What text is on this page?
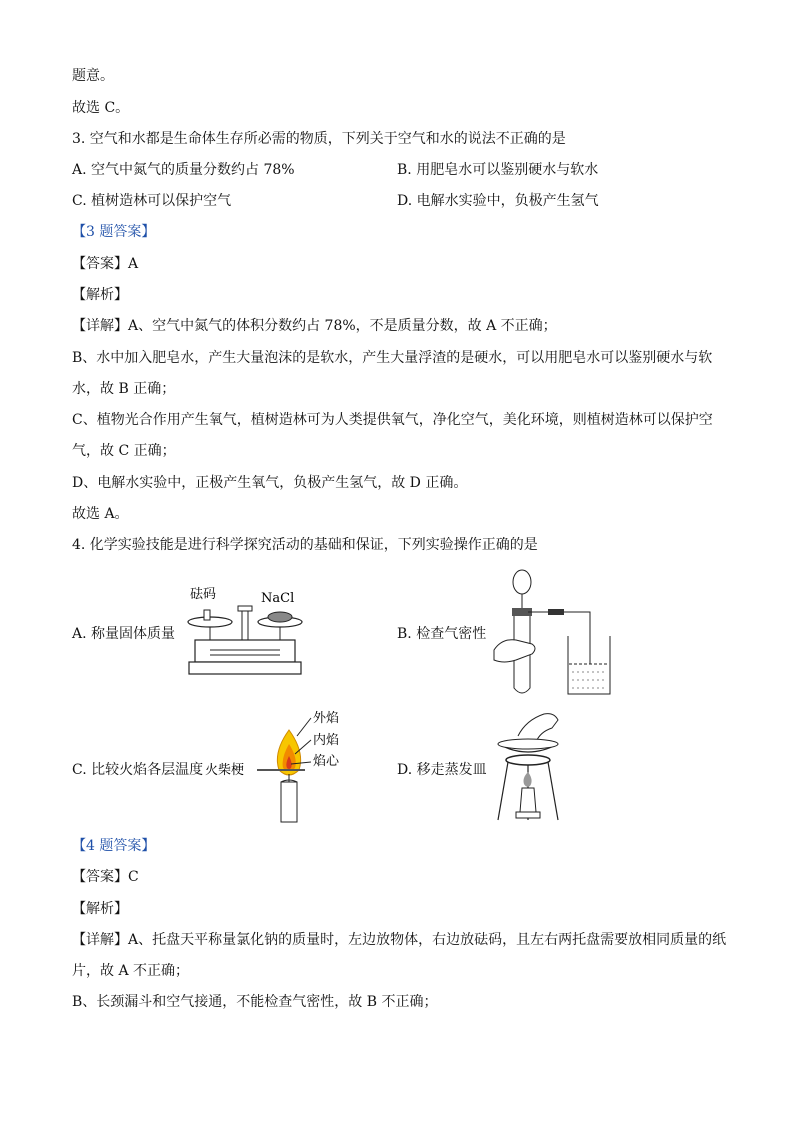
题意。
故选 C。
3. 空气和水都是生命体生存所必需的物质，下列关于空气和水的说法不正确的是
A. 空气中氮气的质量分数约占 78%	B. 用肥皂水可以鉴别硬水与软水
C. 植树造林可以保护空气	D. 电解水实验中，负极产生氢气
【3 题答案】
【答案】A
【解析】
【详解】A、空气中氮气的体积分数约占 78%，不是质量分数，故 A 不正确；
B、水中加入肥皂水，产生大量泡沫的是软水，产生大量浮渣的是硬水，可以用肥皂水可以鉴别硬水与软
水，故 B 正确；
C、植物光合作用产生氧气，植树造林可为人类提供氧气，净化空气，美化环境，则植树造林可以保护空
气，故 C 正确；
D、电解水实验中，正极产生氧气，负极产生氢气，故 D 正确。
故选 A。
4. 化学实验技能是进行科学探究活动的基础和保证，下列实验操作正确的是
A. 称量固体质量	B. 检查气密性
C. 比较火焰各层温度	D. 移走蒸发皿
砝码	NaCl
外焰
内焰
焰心
火柴梗
【4 题答案】
【答案】C
【解析】
【详解】A、托盘天平称量氯化钠的质量时，左边放物体，右边放砝码，且左右两托盘需要放相同质量的纸
片，故 A 不正确；
B、长颈漏斗和空气接通，不能检查气密性，故 B 不正确；
